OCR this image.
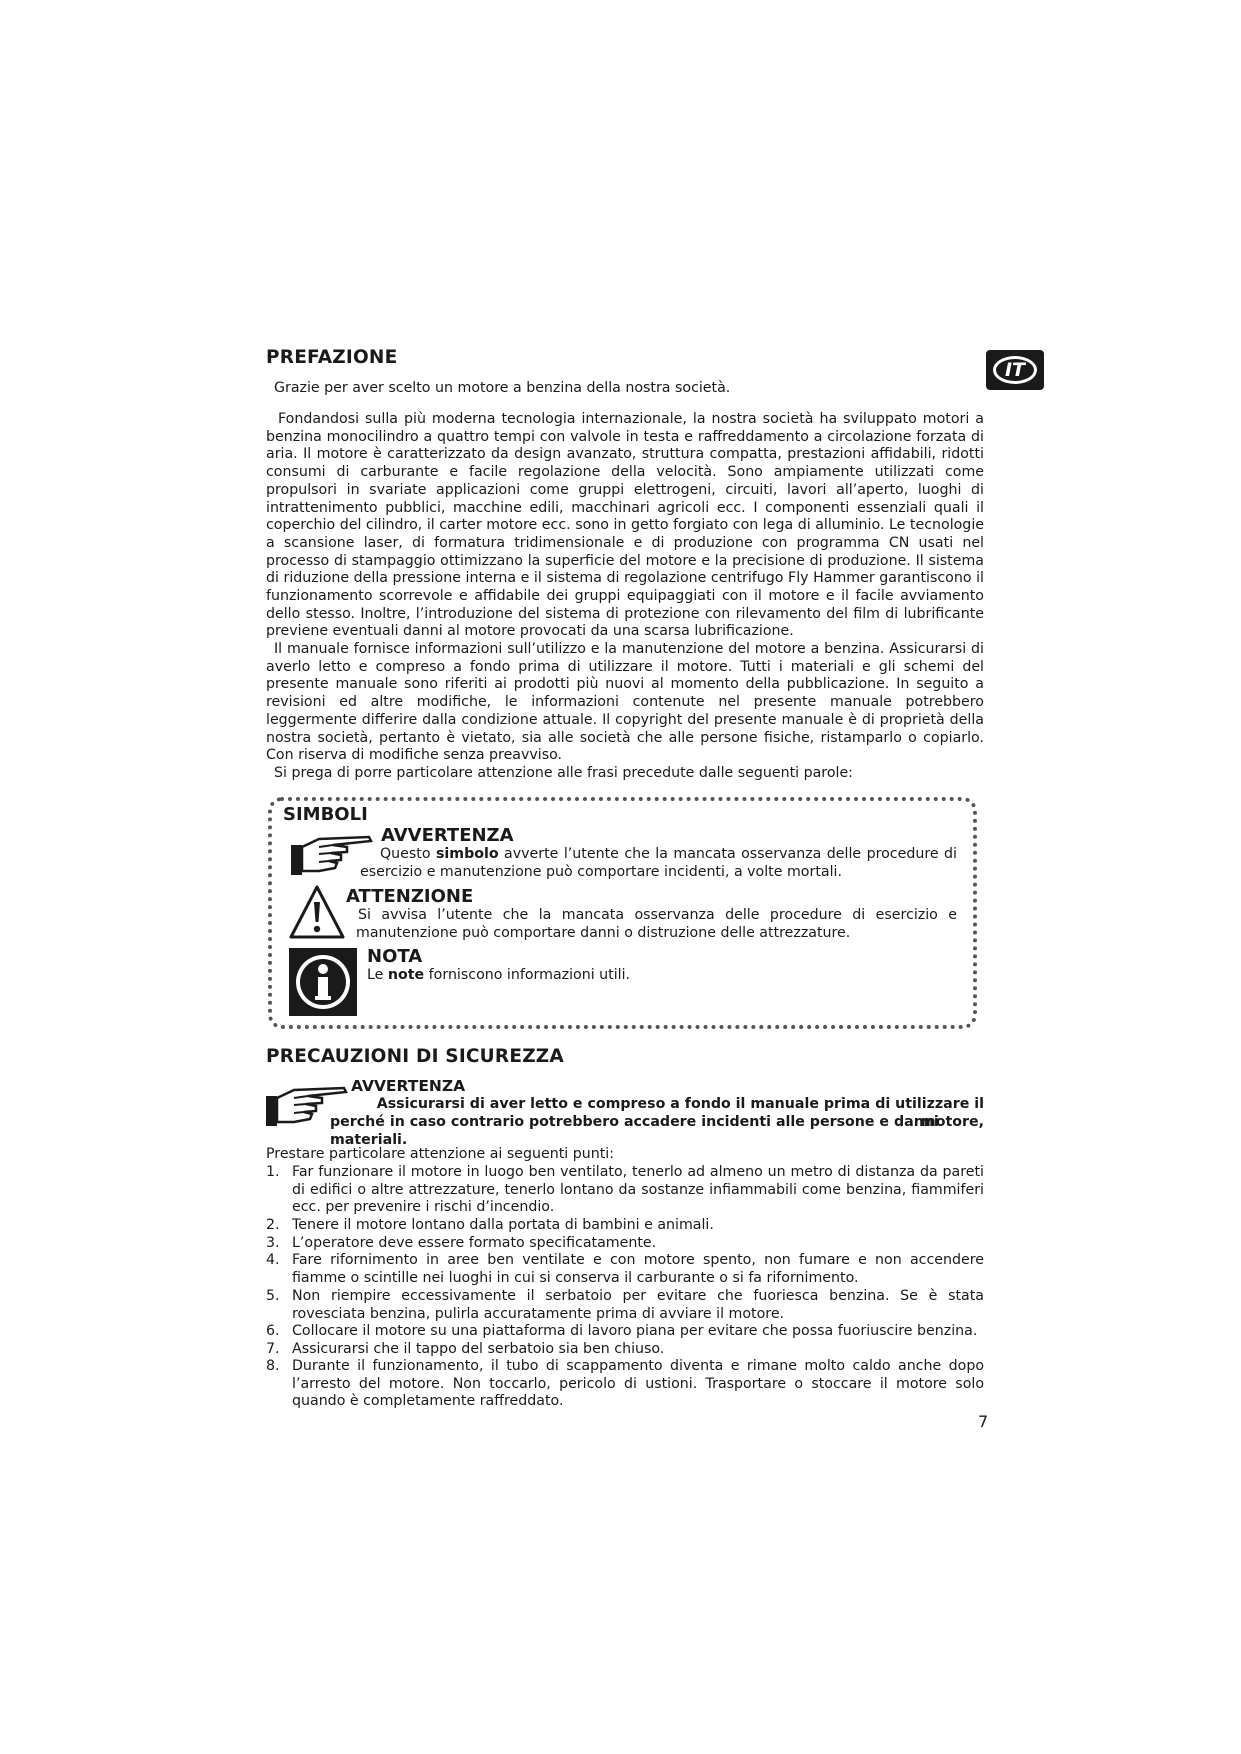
IT
PREFAZIONE

Grazie per aver scelto un motore a benzina della nostra società.

Fondandosi sulla più moderna tecnologia internazionale, la nostra società ha sviluppato motori a benzina monocilindro a quattro tempi con valvole in testa e raffreddamento a circolazione forzata di aria. Il motore è caratterizzato da design avanzato, struttura compatta, prestazioni affidabili, ridotti consumi di carburante e facile regolazione della velocità. Sono ampiamente utilizzati come propulsori in svariate applicazioni come gruppi elettrogeni, circuiti, lavori all’aperto, luoghi di intrattenimento pubblici, macchine edili, macchinari agricoli ecc. I componenti essenziali quali il coperchio del cilindro, il carter motore ecc. sono in getto forgiato con lega di alluminio. Le tecnologie a scansione laser, di formatura tridimensionale e di produzione con programma CN usati nel processo di stampaggio ottimizzano la superficie del motore e la precisione di produzione. Il sistema di riduzione della pressione interna e il sistema di regolazione centrifugo Fly Hammer garantiscono il funzionamento scorrevole e affidabile dei gruppi equipaggiati con il motore e il facile avviamento dello stesso. Inoltre, l’introduzione del sistema di protezione con rilevamento del film di lubrificante previene eventuali danni al motore provocati da una scarsa lubrificazione.

Il manuale fornisce informazioni sull’utilizzo e la manutenzione del motore a benzina. Assicurarsi di averlo letto e compreso a fondo prima di utilizzare il motore. Tutti i materiali e gli schemi del presente manuale sono riferiti ai prodotti più nuovi al momento della pubblicazione. In seguito a revisioni ed altre modifiche, le informazioni contenute nel presente manuale potrebbero leggermente differire dalla condizione attuale. Il copyright del presente manuale è di proprietà della nostra società, pertanto è vietato, sia alle società che alle persone fisiche, ristamparlo o copiarlo. Con riserva di modifiche senza preavviso.

Si prega di porre particolare attenzione alle frasi precedute dalle seguenti parole:

SIMBOLI
AVVERTENZA

Questo simbolo avverte l’utente che la mancata osservanza delle procedure di esercizio e manutenzione può comportare incidenti, a volte mortali.

ATTENZIONE

Si avvisa l’utente che la mancata osservanza delle procedure di esercizio e manutenzione può comportare danni o distruzione delle attrezzature.

NOTA

Le note forniscono informazioni utili.

PRECAUZIONI DI SICUREZZA
AVVERTENZA
Assicurarsi di aver letto e compreso a fondo il manuale prima di utilizzare il motore,
perché in caso contrario potrebbero accadere incidenti alle persone e danni materiali.

Prestare particolare attenzione ai seguenti punti:

1. Far funzionare il motore in luogo ben ventilato, tenerlo ad almeno un metro di distanza da pareti di edifici o altre attrezzature, tenerlo lontano da sostanze infiammabili come benzina, fiammiferi ecc. per prevenire i rischi d’incendio.
2. Tenere il motore lontano dalla portata di bambini e animali.
3. L’operatore deve essere formato specificatamente.
4. Fare rifornimento in aree ben ventilate e con motore spento, non fumare e non accendere fiamme o scintille nei luoghi in cui si conserva il carburante o si fa rifornimento.
5. Non riempire eccessivamente il serbatoio per evitare che fuoriesca benzina. Se è stata rovesciata benzina, pulirla accuratamente prima di avviare il motore.
6. Collocare il motore su una piattaforma di lavoro piana per evitare che possa fuoriuscire benzina.
7. Assicurarsi che il tappo del serbatoio sia ben chiuso.
8. Durante il funzionamento, il tubo di scappamento diventa e rimane molto caldo anche dopo l’arresto del motore. Non toccarlo, pericolo di ustioni. Trasportare o stoccare il motore solo quando è completamente raffreddato.
7
